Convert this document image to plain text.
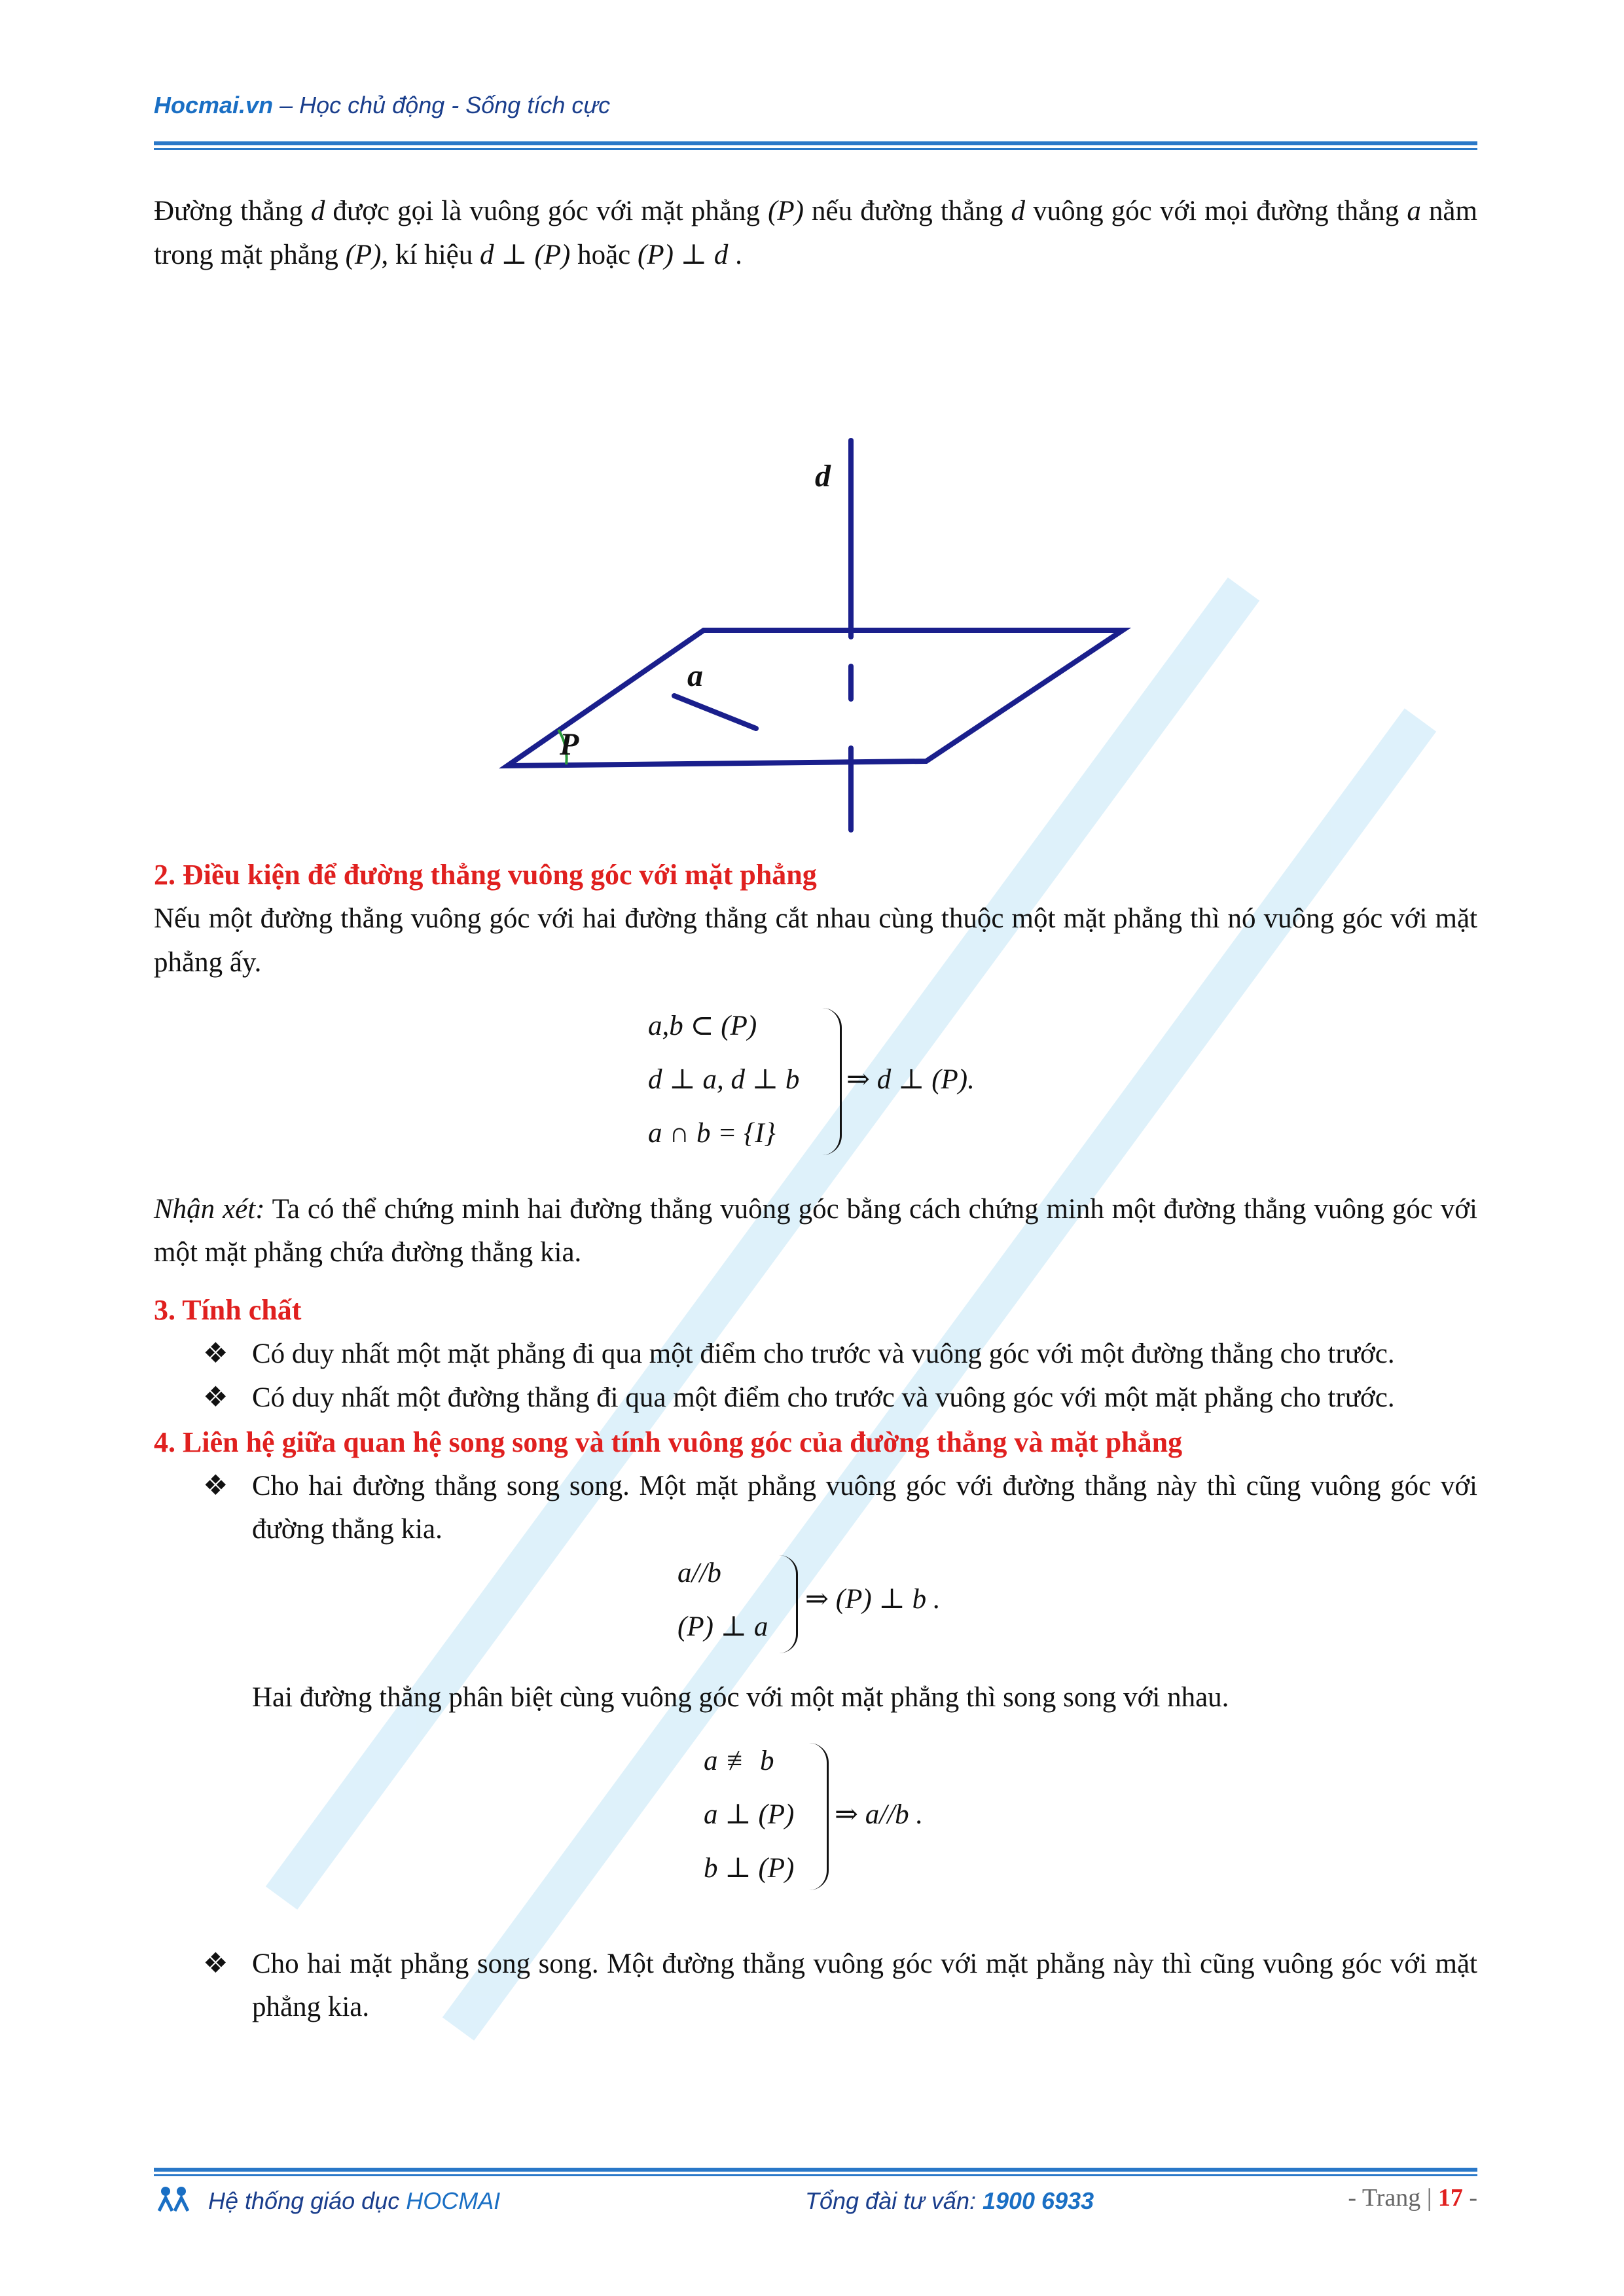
Hocmai.vn – Học chủ động - Sống tích cực

Đường thẳng d được gọi là vuông góc với mặt phẳng (P) nếu đường thẳng d vuông góc với mọi đường thẳng a nằm trong mặt phẳng (P), kí hiệu d ⊥ (P) hoặc (P) ⊥ d .

d
a
P
2. Điều kiện để đường thẳng vuông góc với mặt phẳng

Nếu một đường thẳng vuông góc với hai đường thẳng cắt nhau cùng thuộc một mặt phẳng thì nó vuông góc với mặt phẳng ấy.

a,b ⊂ (P)
d ⊥ a, d ⊥ b
a ∩ b = {I}
⇒ d ⊥ (P).

Nhận xét: Ta có thể chứng minh hai đường thẳng vuông góc bằng cách chứng minh một đường thẳng vuông góc với một mặt phẳng chứa đường thẳng kia.

3. Tính chất
❖ Có duy nhất một mặt phẳng đi qua một điểm cho trước và vuông góc với một đường thẳng cho trước.
❖ Có duy nhất một đường thẳng đi qua một điểm cho trước và vuông góc với một mặt phẳng cho trước.
4. Liên hệ giữa quan hệ song song và tính vuông góc của đường thẳng và mặt phẳng
❖ Cho hai đường thẳng song song. Một mặt phẳng vuông góc với đường thẳng này thì cũng vuông góc với đường thẳng kia.
a//b
(P) ⊥ a
⇒ (P) ⊥ b .

Hai đường thẳng phân biệt cùng vuông góc với một mặt phẳng thì song song với nhau.

a ≢ b
a ⊥ (P)
b ⊥ (P)
⇒ a//b .
❖ Cho hai mặt phẳng song song. Một đường thẳng vuông góc với mặt phẳng này thì cũng vuông góc với mặt phẳng kia.
Hệ thống giáo dục HOCMAI	Tổng đài tư vấn: 1900 6933	- Trang | 17 -
